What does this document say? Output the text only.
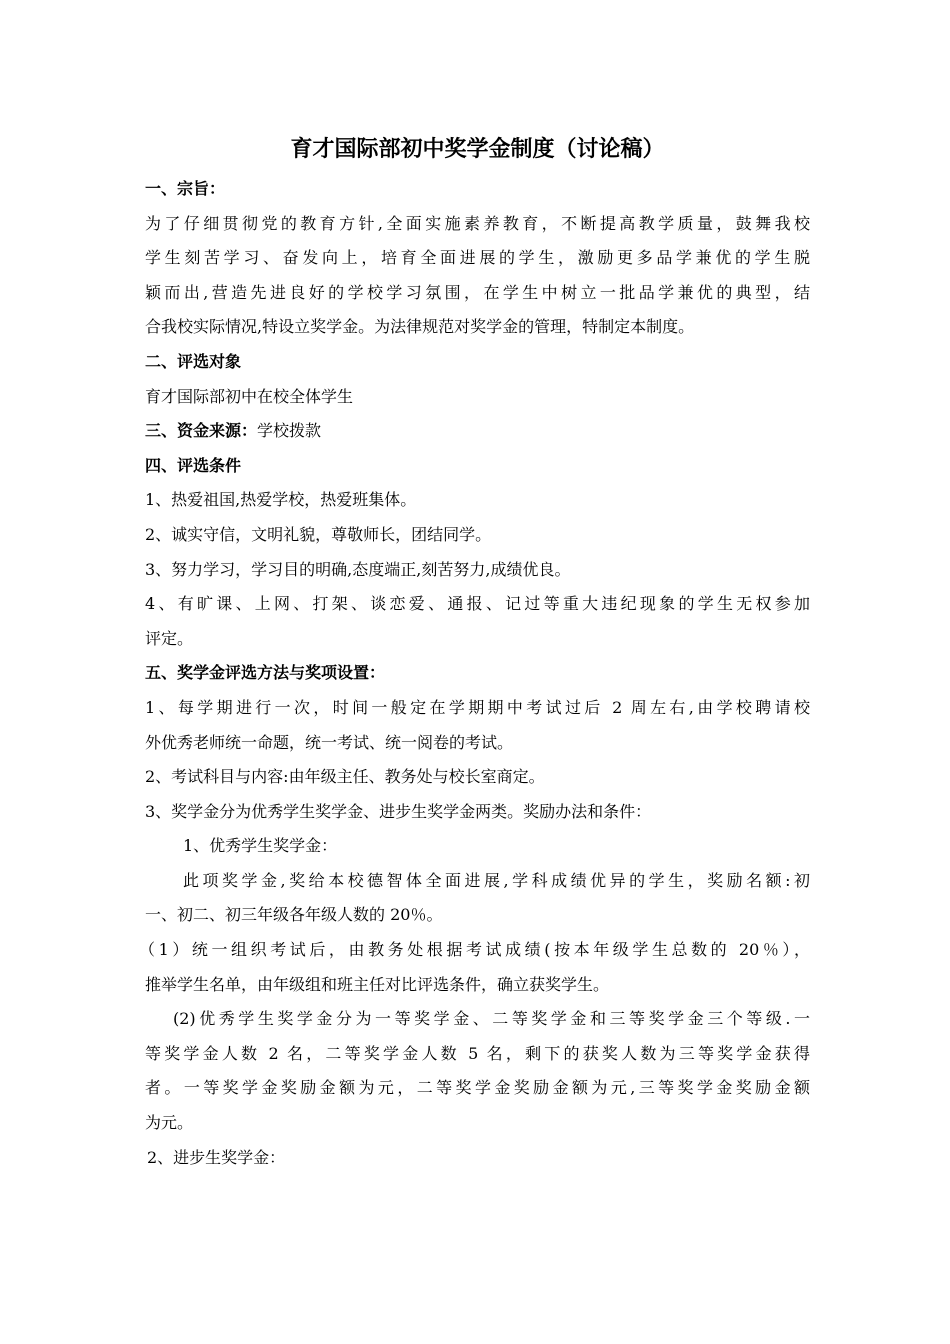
育才国际部初中奖学金制度（讨论稿）
一、宗旨：
为了仔细贯彻党的教育方针,全面实施素养教育，不断提高教学质量，鼓舞我校
学生刻苦学习、奋发向上，培育全面进展的学生，激励更多品学兼优的学生脱
颖而出,营造先进良好的学校学习氛围，在学生中树立一批品学兼优的典型，结
合我校实际情况,特设立奖学金。为法律规范对奖学金的管理，特制定本制度。
二、评选对象
育才国际部初中在校全体学生
三、资金来源：学校拨款
四、评选条件
1、热爱祖国,热爱学校，热爱班集体。
2、诚实守信，文明礼貌，尊敬师长，团结同学。
3、努力学习，学习目的明确,态度端正,刻苦努力,成绩优良。
4、有旷课、上网、打架、谈恋爱、通报、记过等重大违纪现象的学生无权参加
评定。
五、奖学金评选方法与奖项设置：
1、每学期进行一次，时间一般定在学期期中考试过后 2 周左右,由学校聘请校
外优秀老师统一命题，统一考试、统一阅卷的考试。
2、考试科目与内容:由年级主任、教务处与校长室商定。
3、奖学金分为优秀学生奖学金、进步生奖学金两类。奖励办法和条件：
1、优秀学生奖学金：
此项奖学金,奖给本校德智体全面进展,学科成绩优异的学生，奖励名额:初
一、初二、初三年级各年级人数的 20％。
（1）统一组织考试后，由教务处根据考试成绩(按本年级学生总数的 20％），
推举学生名单，由年级组和班主任对比评选条件，确立获奖学生。
(2)优秀学生奖学金分为一等奖学金、二等奖学金和三等奖学金三个等级.一
等奖学金人数 2 名，二等奖学金人数 5 名，剩下的获奖人数为三等奖学金获得
者。一等奖学金奖励金额为元，二等奖学金奖励金额为元,三等奖学金奖励金额
为元。
2、进步生奖学金：
